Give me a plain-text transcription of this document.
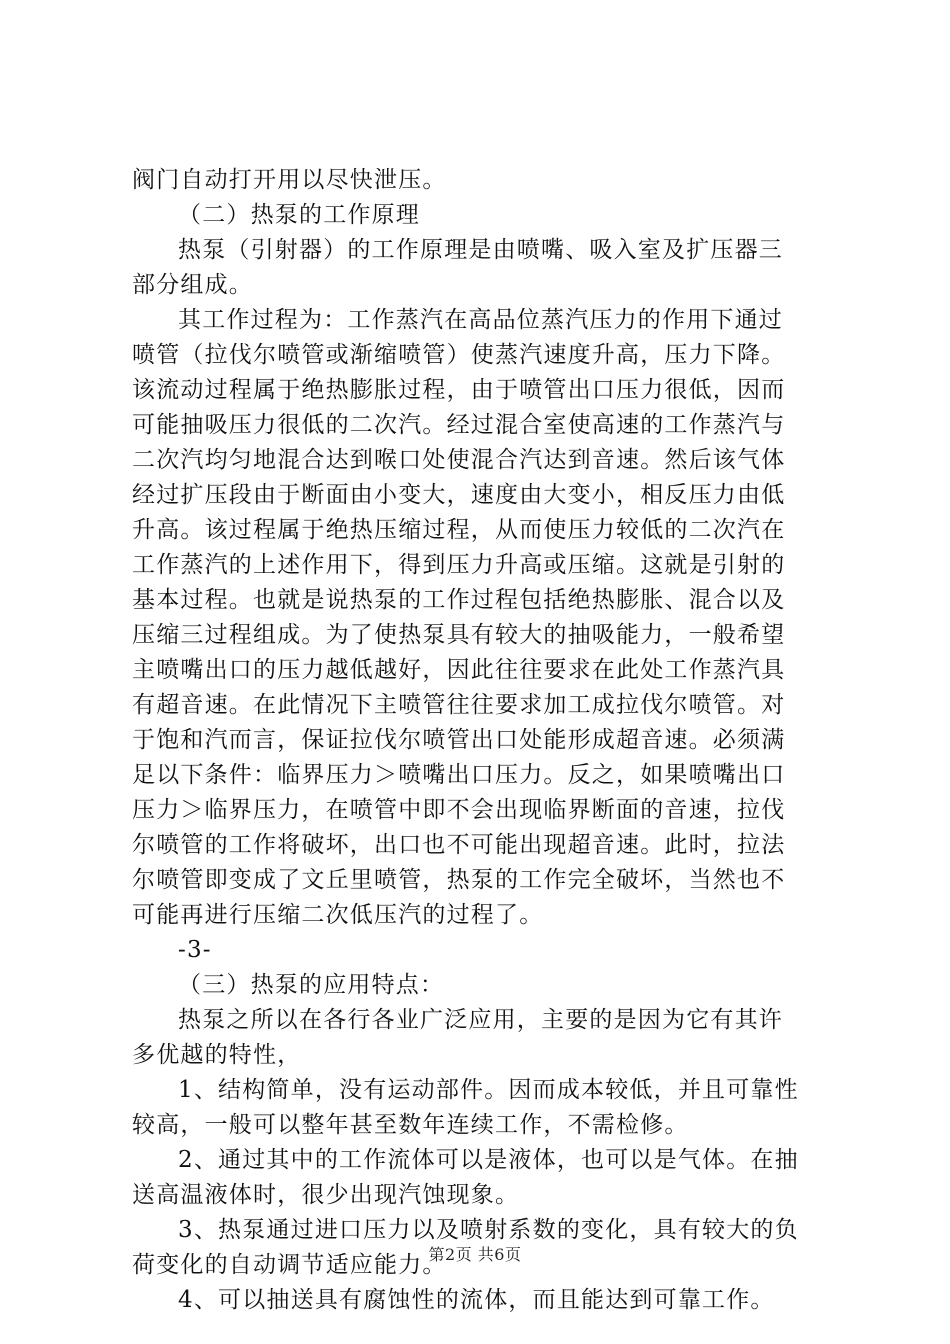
阀门自动打开用以尽快泄压。
（二）热泵的工作原理
热泵（引射器）的工作原理是由喷嘴、吸入室及扩压器三
部分组成。
其工作过程为：工作蒸汽在高品位蒸汽压力的作用下通过
喷管（拉伐尔喷管或渐缩喷管）使蒸汽速度升高，压力下降。
该流动过程属于绝热膨胀过程，由于喷管出口压力很低，因而
可能抽吸压力很低的二次汽。经过混合室使高速的工作蒸汽与
二次汽均匀地混合达到喉口处使混合汽达到音速。然后该气体
经过扩压段由于断面由小变大，速度由大变小，相反压力由低
升高。该过程属于绝热压缩过程，从而使压力较低的二次汽在
工作蒸汽的上述作用下，得到压力升高或压缩。这就是引射的
基本过程。也就是说热泵的工作过程包括绝热膨胀、混合以及
压缩三过程组成。为了使热泵具有较大的抽吸能力，一般希望
主喷嘴出口的压力越低越好，因此往往要求在此处工作蒸汽具
有超音速。在此情况下主喷管往往要求加工成拉伐尔喷管。对
于饱和汽而言，保证拉伐尔喷管出口处能形成超音速。必须满
足以下条件：临界压力＞喷嘴出口压力。反之，如果喷嘴出口
压力＞临界压力，在喷管中即不会出现临界断面的音速，拉伐
尔喷管的工作将破坏，出口也不可能出现超音速。此时，拉法
尔喷管即变成了文丘里喷管，热泵的工作完全破坏，当然也不
可能再进行压缩二次低压汽的过程了。
-3-
（三）热泵的应用特点：
热泵之所以在各行各业广泛应用，主要的是因为它有其许
多优越的特性，
1、结构简单，没有运动部件。因而成本较低，并且可靠性
较高，一般可以整年甚至数年连续工作，不需检修。
2、通过其中的工作流体可以是液体，也可以是气体。在抽
送高温液体时，很少出现汽蚀现象。
3、热泵通过进口压力以及喷射系数的变化，具有较大的负
荷变化的自动调节适应能力。
4、可以抽送具有腐蚀性的流体，而且能达到可靠工作。
第2页 共6页
